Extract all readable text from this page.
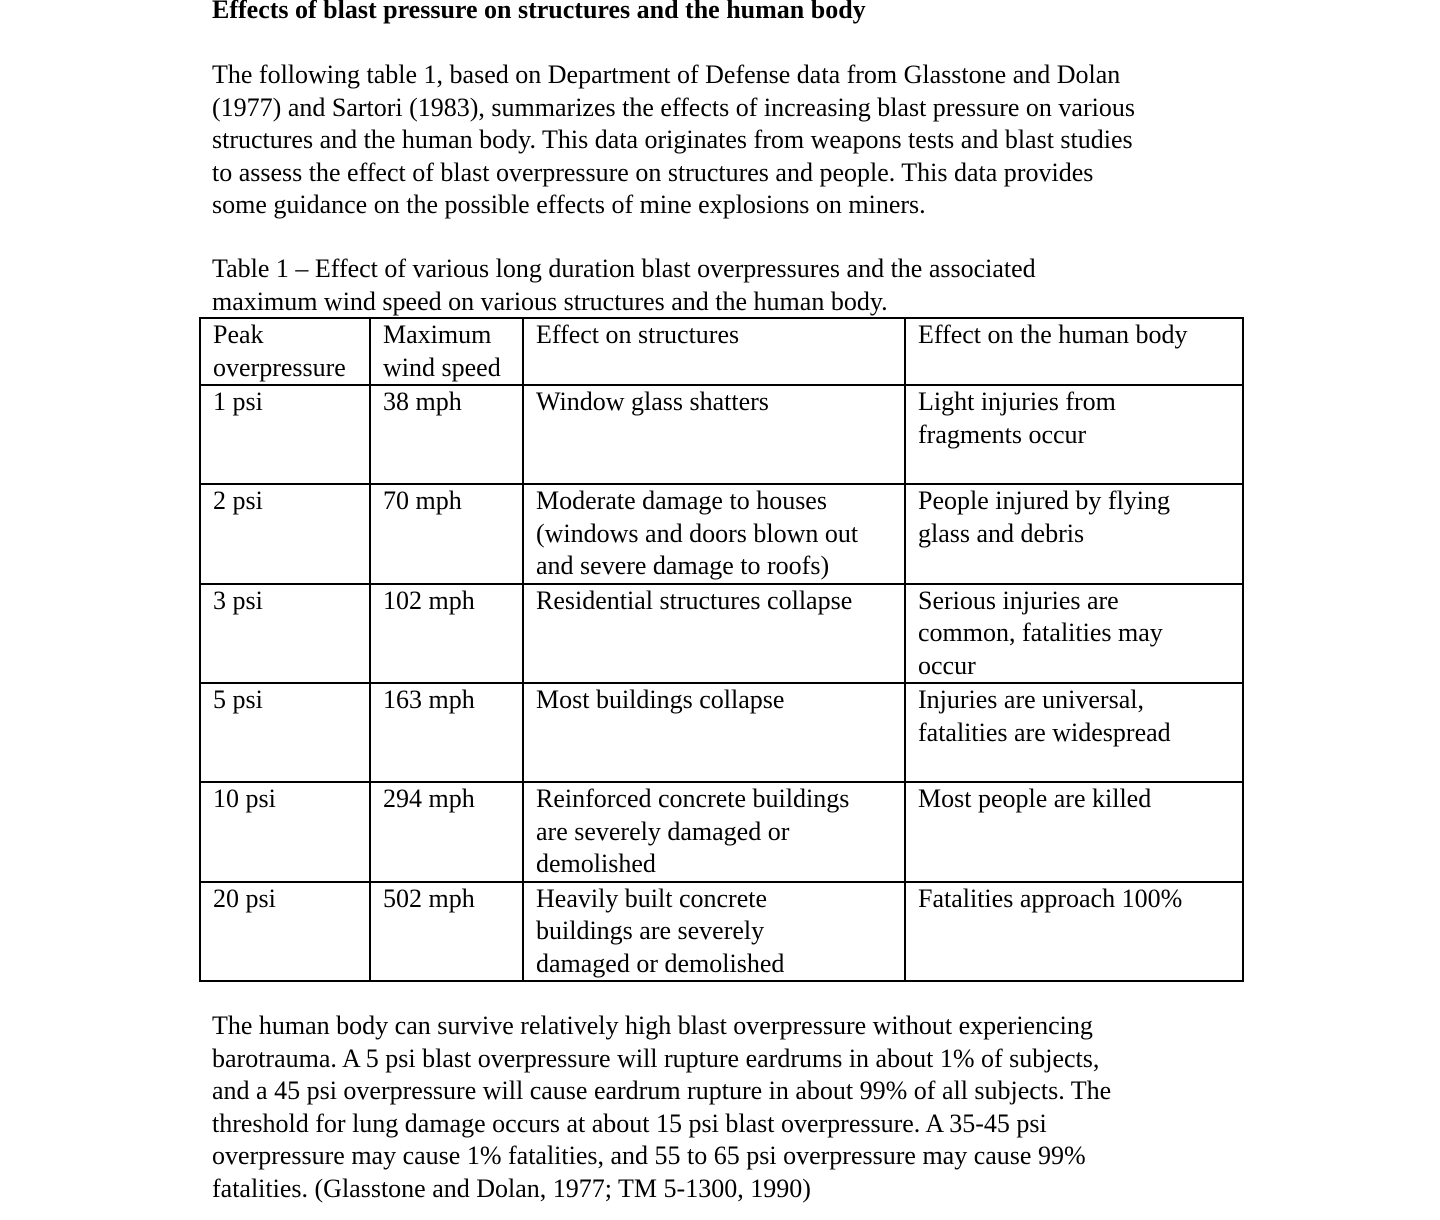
Effects of blast pressure on structures and the human body

The following table 1, based on Department of Defense data from Glasstone and Dolan
(1977) and Sartori (1983), summarizes the effects of increasing blast pressure on various
structures and the human body. This data originates from weapons tests and blast studies
to assess the effect of blast overpressure on structures and people. This data provides
some guidance on the possible effects of mine explosions on miners.

Table 1 – Effect of various long duration blast overpressures and the associated
maximum wind speed on various structures and the human body.

Peak
overpressure	Maximum
wind speed	Effect on structures	Effect on the human body

1 psi	38 mph	Window glass shatters	Light injuries from
fragments occur

2 psi	70 mph	Moderate damage to houses
(windows and doors blown out
and severe damage to roofs)	People injured by flying
glass and debris

3 psi	102 mph	Residential structures collapse	Serious injuries are
common, fatalities may
occur

5 psi	163 mph	Most buildings collapse	Injuries are universal,
fatalities are widespread

10 psi	294 mph	Reinforced concrete buildings
are severely damaged or
demolished	Most people are killed

20 psi	502 mph	Heavily built concrete
buildings are severely
damaged or demolished	Fatalities approach 100%

The human body can survive relatively high blast overpressure without experiencing
barotrauma. A 5 psi blast overpressure will rupture eardrums in about 1% of subjects,
and a 45 psi overpressure will cause eardrum rupture in about 99% of all subjects. The
threshold for lung damage occurs at about 15 psi blast overpressure. A 35-45 psi
overpressure may cause 1% fatalities, and 55 to 65 psi overpressure may cause 99%
fatalities. (Glasstone and Dolan, 1977; TM 5-1300, 1990)
